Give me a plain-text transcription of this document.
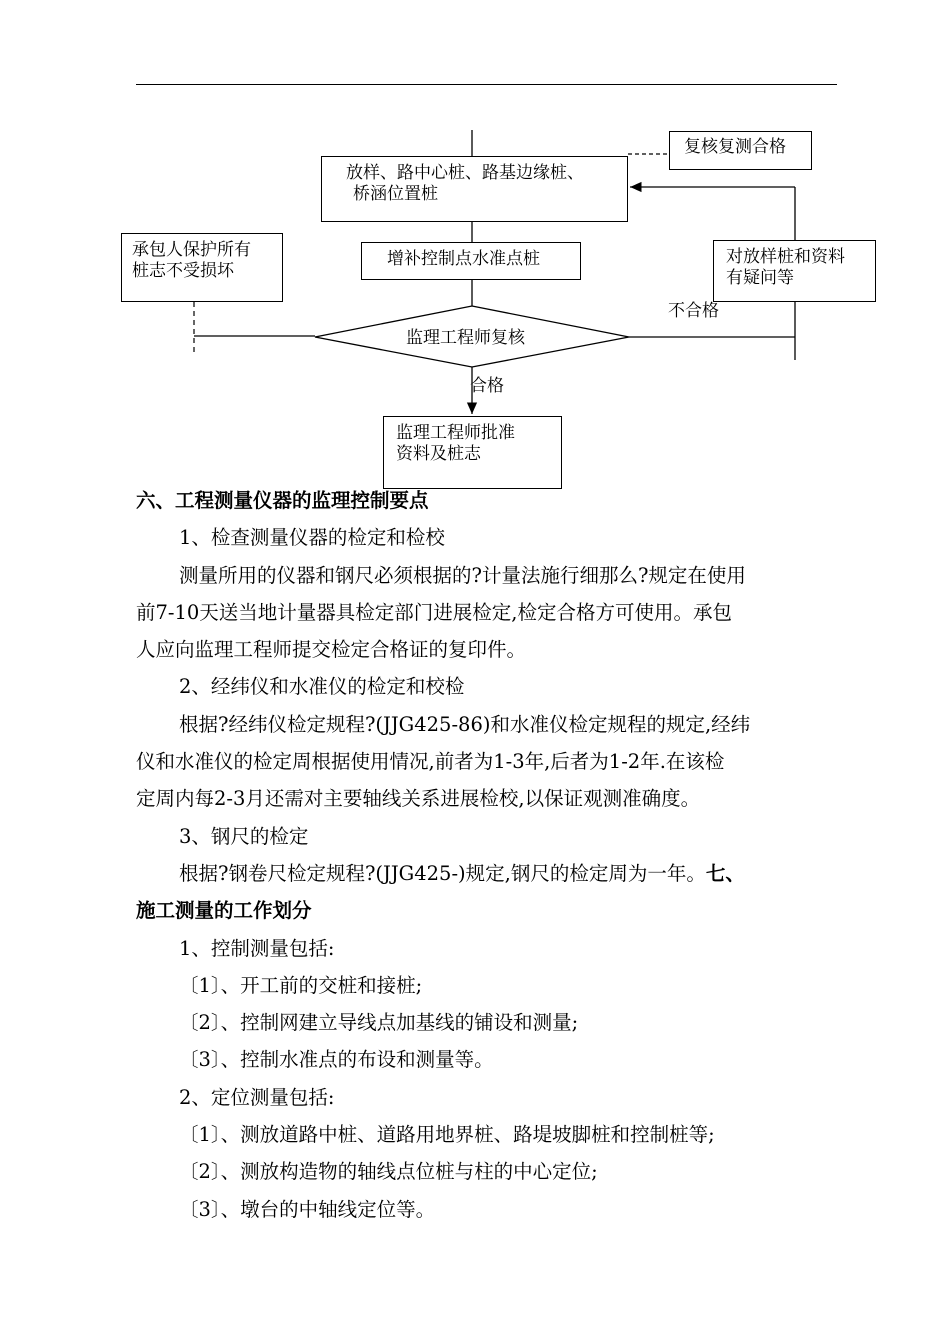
复核复测合格
放样、路中心桩、路基边缘桩、
桥涵位置桩
增补控制点水准点桩
承包人保护所有
桩志不受损坏
对放样桩和资料
有疑问等
不合格
监理工程师复核
合格
监理工程师批准
资料及桩志

六、工程测量仪器的监理控制要点

1、检查测量仪器的检定和检校

测量所用的仪器和钢尺必须根据的?计量法施行细那么?规定在使用

前7-10天送当地计量器具检定部门进展检定,检定合格方可使用。承包

人应向监理工程师提交检定合格证的复印件。

2、经纬仪和水准仪的检定和校检

根据?经纬仪检定规程?(JJG425-86)和水准仪检定规程的规定,经纬

仪和水准仪的检定周根据使用情况,前者为1-3年,后者为1-2年.在该检

定周内每2-3月还需对主要轴线关系进展检校,以保证观测准确度。

3、钢尺的检定

根据?钢卷尺检定规程?(JJG425-)规定,钢尺的检定周为一年。七、

施工测量的工作划分

1、控制测量包括:

〔1〕、开工前的交桩和接桩;

〔2〕、控制网建立导线点加基线的铺设和测量;

〔3〕、控制水准点的布设和测量等。

2、定位测量包括:

〔1〕、测放道路中桩、道路用地界桩、路堤坡脚桩和控制桩等;

〔2〕、测放构造物的轴线点位桩与柱的中心定位;

〔3〕、墩台的中轴线定位等。
